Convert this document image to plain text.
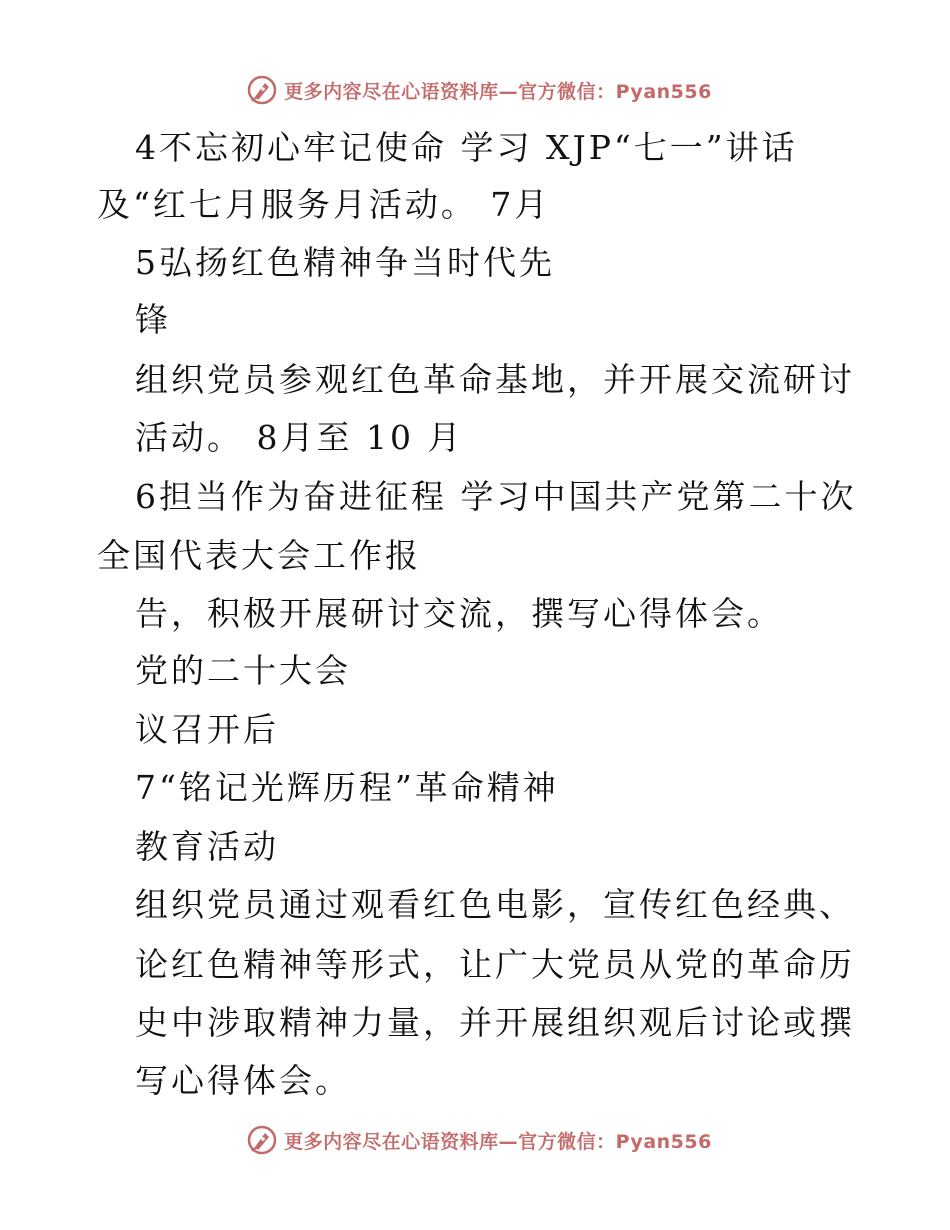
更多内容尽在心语资料库—官方微信：Pyan556
4不忘初心牢记使命 学习 XJP“七一”讲话
及“红七月服务月活动。 7月
5弘扬红色精神争当时代先
锋
组织党员参观红色革命基地，并开展交流研讨
活动。 8月至 10 月
6担当作为奋进征程 学习中国共产党第二十次
全国代表大会工作报
告，积极开展研讨交流，撰写心得体会。
党的二十大会
议召开后
7“铭记光辉历程”革命精神
教育活动
组织党员通过观看红色电影，宣传红色经典、
论红色精神等形式，让广大党员从党的革命历
史中涉取精神力量，并开展组织观后讨论或撰
写心得体会。
更多内容尽在心语资料库—官方微信：Pyan556
